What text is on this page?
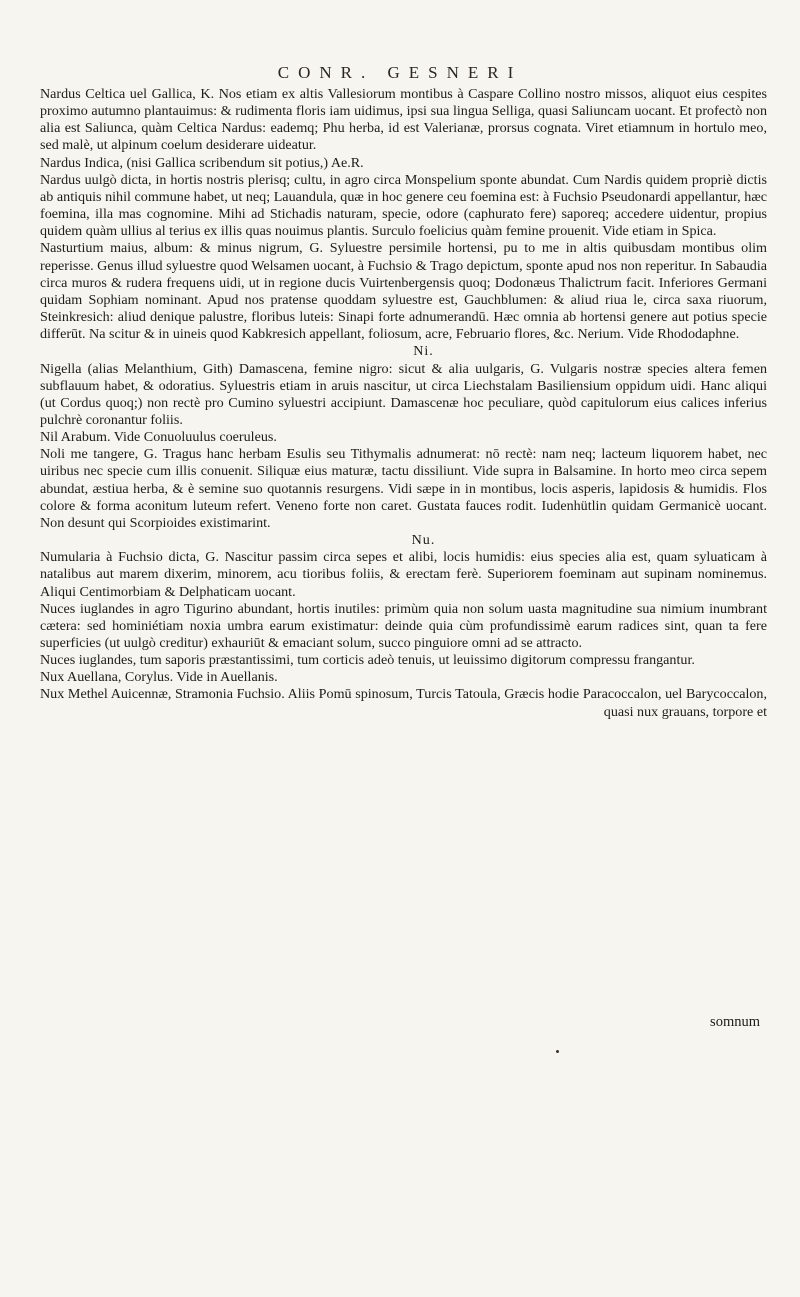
CONR. GESNERI

Nardus Celtica uel Gallica, K. Nos etiam ex altis Vallesiorum montibus à Caspare Collino nostro missos, aliquot eius cespites proximo autumno plantauimus: & rudimenta floris iam uidimus, ipsi sua lingua Selliga, quasi Saliuncam uocant. Et profectò non alia est Saliunca, quàm Celtica Nardus: eademq; Phu herba, id est Valerianæ, prorsus cognata. Viret etiamnum in hortulo meo, sed malè, ut alpinum coelum desiderare uideatur.

Nardus Indica, (nisi Gallica scribendum sit potius,) Ae.R.

Nardus uulgò dicta, in hortis nostris plerisq; cultu, in agro circa Monspelium sponte abundat. Cum Nardis quidem propriè dictis ab antiquis nihil commune habet, ut neq; Lauandula, quæ in hoc genere ceu foemina est: à Fuchsio Pseudonardi appellantur, hæc foemina, illa mas cognomine. Mihi ad Stichadis naturam, specie, odore (caphurato fere) saporeq; accedere uidentur, propius quidem quàm ullius al terius ex illis quas nouimus plantis. Surculo foelicius quàm femine prouenit. Vide etiam in Spica.

Nasturtium maius, album: & minus nigrum, G. Syluestre persimile hortensi, pu to me in altis quibusdam montibus olim reperisse. Genus illud syluestre quod Welsamen uocant, à Fuchsio & Trago depictum, sponte apud nos non reperitur. In Sabaudia circa muros & rudera frequens uidi, ut in regione ducis Vuirtenbergensis quoq; Dodonæus Thalictrum facit. Inferiores Germani quidam Sophiam nominant. Apud nos pratense quoddam syluestre est, Gauchblumen: & aliud riua le, circa saxa riuorum, Steinkresich: aliud denique palustre, floribus luteis: Sinapi forte adnumerandū. Hæc omnia ab hortensi genere aut potius specie differūt. Na scitur & in uineis quod Kabkresich appellant, foliosum, acre, Februario flores, &c. Nerium. Vide Rhododaphne.

Ni.

Nigella (alias Melanthium, Gith) Damascena, femine nigro: sicut & alia uulgaris, G. Vulgaris nostræ species altera femen subflauum habet, & odoratius. Syluestris etiam in aruis nascitur, ut circa Liechstalam Basiliensium oppidum uidi. Hanc aliqui (ut Cordus quoq;) non rectè pro Cumino syluestri accipiunt. Damascenæ hoc peculiare, quòd capitulorum eius calices inferius pulchrè coronantur foliis.

Nil Arabum. Vide Conuoluulus coeruleus.

Noli me tangere, G. Tragus hanc herbam Esulis seu Tithymalis adnumerat: nō rectè: nam neq; lacteum liquorem habet, nec uiribus nec specie cum illis conuenit. Siliquæ eius maturæ, tactu dissiliunt. Vide supra in Balsamine. In horto meo circa sepem abundat, æstiua herba, & è semine suo quotannis resurgens. Vidi sæpe in in montibus, locis asperis, lapidosis & humidis. Flos colore & forma aconitum luteum refert. Veneno forte non caret. Gustata fauces rodit. Iudenhütlin quidam Germanicè uocant. Non desunt qui Scorpioides existimarint.

Nu.

Numularia à Fuchsio dicta, G. Nascitur passim circa sepes et alibi, locis humidis: eius species alia est, quam syluaticam à natalibus aut marem dixerim, minorem, acu tioribus foliis, & erectam ferè. Superiorem foeminam aut supinam nominemus. Aliqui Centimorbiam & Delphaticam uocant.

Nuces iuglandes in agro Tigurino abundant, hortis inutiles: primùm quia non solum uasta magnitudine sua nimium inumbrant cætera: sed hominiétiam noxia umbra earum existimatur: deinde quia cùm profundissimè earum radices sint, quan ta fere superficies (ut uulgò creditur) exhauriūt & emaciant solum, succo pinguiore omni ad se attracto.

Nuces iuglandes, tum saporis præstantissimi, tum corticis adeò tenuis, ut leuissimo digitorum compressu frangantur.

Nux Auellana, Corylus. Vide in Auellanis.

Nux Methel Auicennæ, Stramonia Fuchsio. Aliis Pomū spinosum, Turcis Tatoula, Græcis hodie Paracoccalon, uel Barycoccalon, quasi nux grauans, torpore et

somnum
